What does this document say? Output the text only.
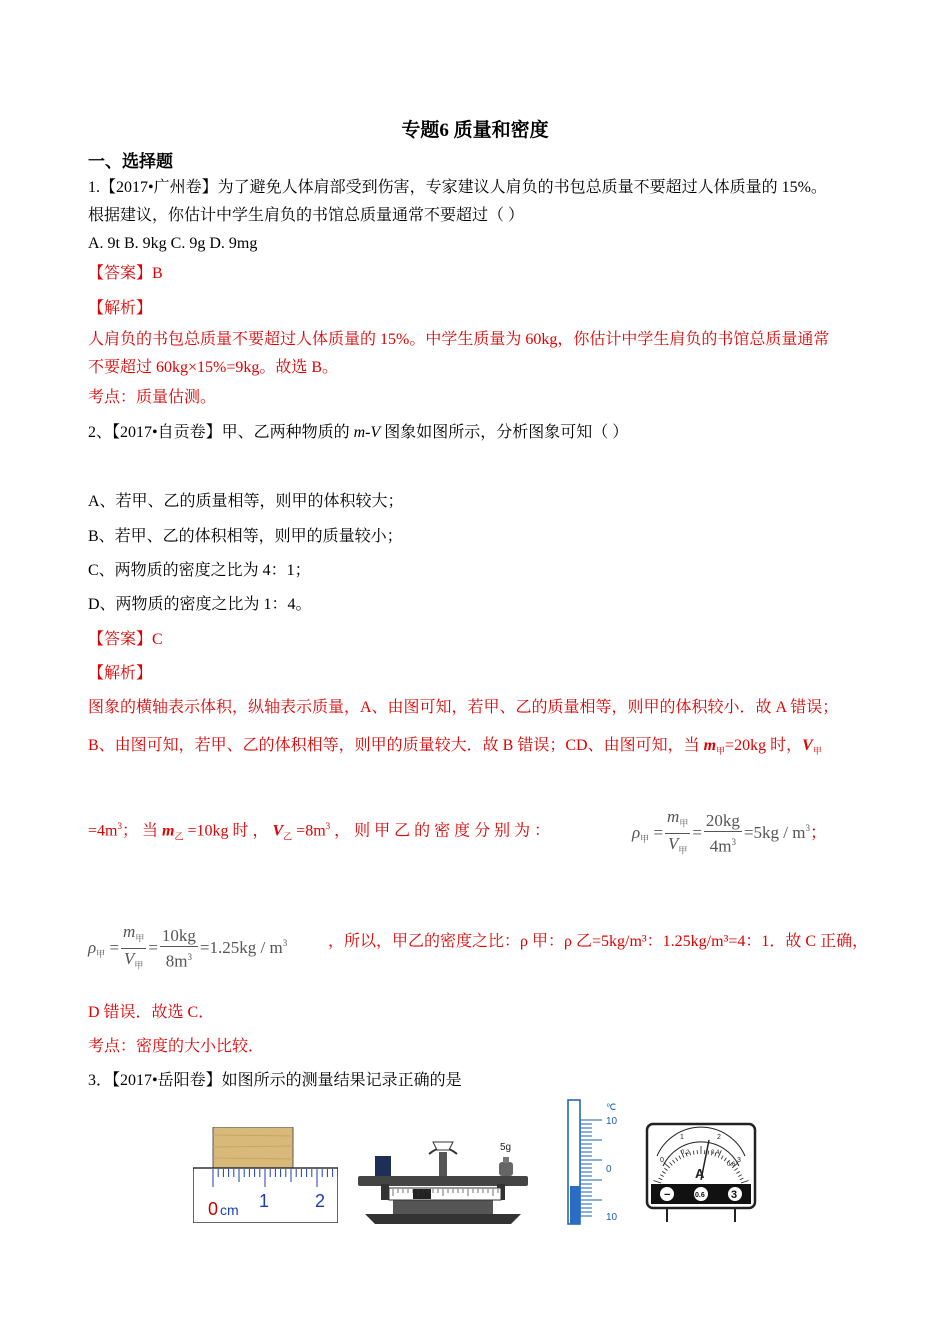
专题6 质量和密度
一、选择题
1.【2017•广州卷】为了避免人体肩部受到伤害，专家建议人肩负的书包总质量不要超过人体质量的 15%。
根据建议，你估计中学生肩负的书馆总质量通常不要超过（ ）
A. 9t B. 9kg C. 9g D. 9mg
【答案】B
【解析】
人肩负的书包总质量不要超过人体质量的 15%。中学生质量为 60kg，你估计中学生肩负的书馆总质量通常
不要超过 60kg×15%=9kg。故选 B。
考点：质量估测。
2、【2017•自贡卷】甲、乙两种物质的 m-V 图象如图所示，分析图象可知（ ）
A、若甲、乙的质量相等，则甲的体积较大；
B、若甲、乙的体积相等，则甲的质量较小；
C、两物质的密度之比为 4：1；
D、两物质的密度之比为 1：4。
【答案】C
【解析】
图象的横轴表示体积，纵轴表示质量，A、由图可知，若甲、乙的质量相等，则甲的体积较小．故 A 错误；
B、由图可知，若甲、乙的体积相等，则甲的质量较大．故 B 错误；CD、由图可知，当 $m_甲=20kg$ 时，$V_甲$
$=4m^3$； 当 $m_乙 =10kg$ 时 ， $V_乙 =8m^3$ ， 则 甲 乙 的 密 度 分 别 为 ：	$\rho_甲 = \frac{m_甲}{V_甲} = \frac{20kg}{4m^3} =5kg / m^3$；
$\rho_甲 = \frac{m_甲}{V_甲} = \frac{10kg}{8m^3} =1.25kg / m^3$	，所以，甲乙的密度之比：ρ 甲：ρ 乙=5kg/m³：1.25kg/m³=4：1．故 C 正确，
D 错误．故选 C．
考点：密度的大小比较．
3．【2017•岳阳卷】如图所示的测量结果记录正确的是
0 cm 1	2
5g
℃
10
0
10
0
1	2
3
0.2	0.4
0.6
A
−	0.6 3
